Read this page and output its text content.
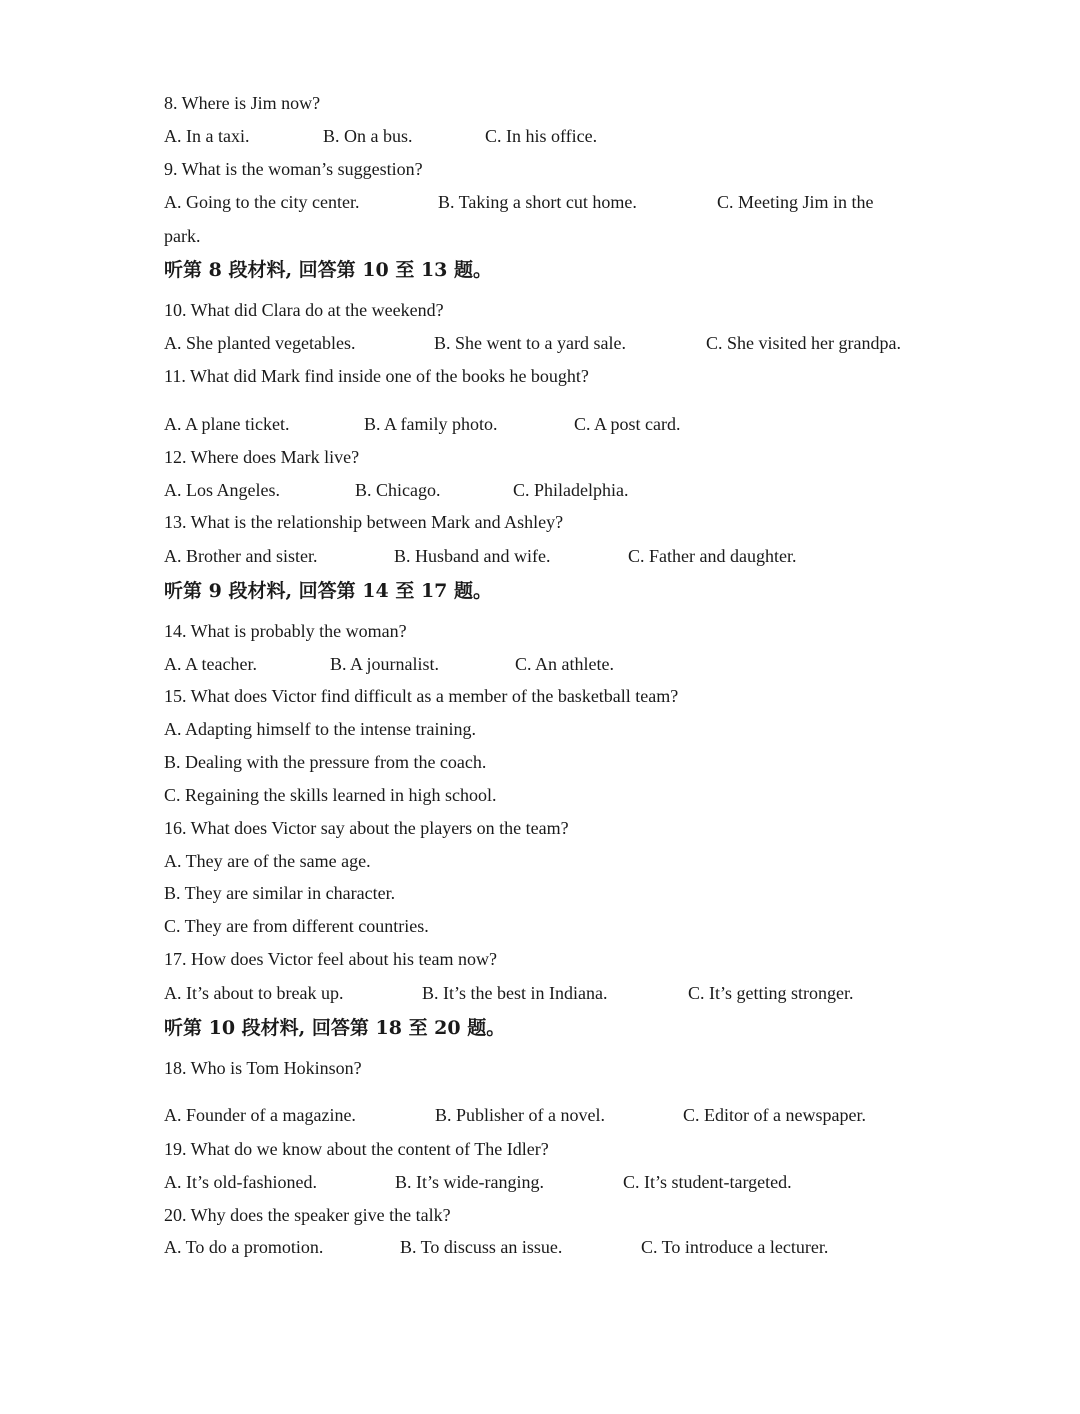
8. Where is Jim now?
A. In a taxi.	B. On a bus.	C. In his office.
9. What is the woman’s suggestion?
A. Going to the city center.	B. Taking a short cut home.	C. Meeting Jim in the
park.
听第 8 段材料, 回答第 10 至 13 题。
10. What did Clara do at the weekend?
A. She planted vegetables.	B. She went to a yard sale.	C. She visited her grandpa.
11. What did Mark find inside one of the books he bought?
A. A plane ticket.	B. A family photo.	C. A post card.
12. Where does Mark live?
A. Los Angeles.	B. Chicago.	C. Philadelphia.
13. What is the relationship between Mark and Ashley?
A. Brother and sister.	B. Husband and wife.	C. Father and daughter.
听第 9 段材料, 回答第 14 至 17 题。
14. What is probably the woman?
A. A teacher.	B. A journalist.	C. An athlete.
15. What does Victor find difficult as a member of the basketball team?
A. Adapting himself to the intense training.
B. Dealing with the pressure from the coach.
C. Regaining the skills learned in high school.
16. What does Victor say about the players on the team?
A. They are of the same age.
B. They are similar in character.
C. They are from different countries.
17. How does Victor feel about his team now?
A. It’s about to break up.	B. It’s the best in Indiana.	C. It’s getting stronger.
听第 10 段材料, 回答第 18 至 20 题。
18. Who is Tom Hokinson?
A. Founder of a magazine.	B. Publisher of a novel.	C. Editor of a newspaper.
19. What do we know about the content of The Idler?
A. It’s old-fashioned.	B. It’s wide-ranging.	C. It’s student-targeted.
20. Why does the speaker give the talk?
A. To do a promotion.	B. To discuss an issue.	C. To introduce a lecturer.
